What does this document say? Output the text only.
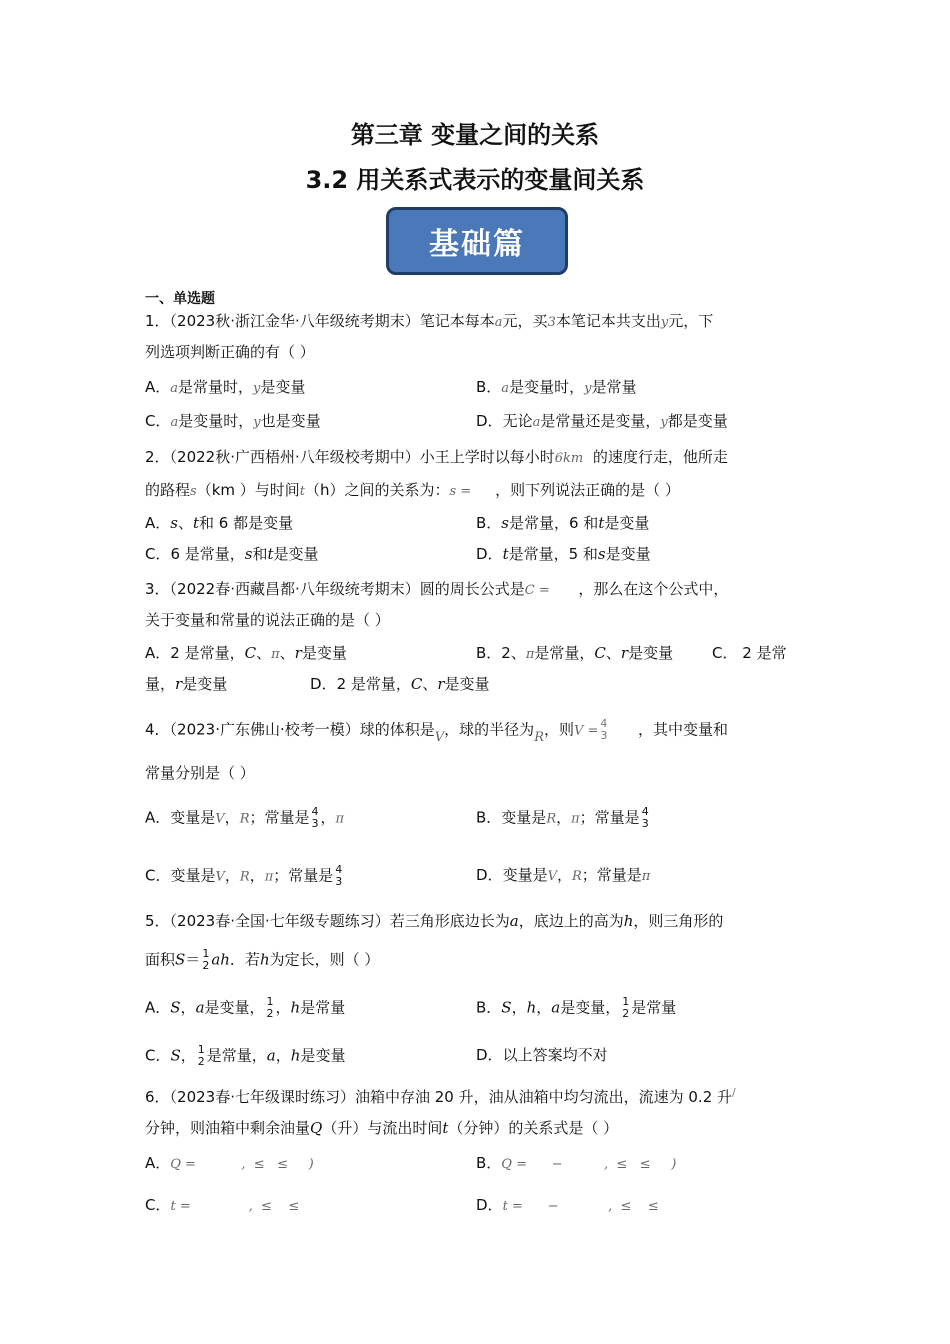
第三章 变量之间的关系
3.2 用关系式表示的变量间关系
基础篇
一、单选题
1．（2023秋·浙江金华·八年级统考期末）笔记本每本a元，买3本笔记本共支出y元，下
列选项判断正确的有（ ）
A．a是常量时，y是变量	B．a是变量时，y是常量
C．a是变量时，y也是变量	D．无论a是常量还是变量，y都是变量
2．（2022秋·广西梧州·八年级校考期中）小王上学时以每小时6km 的速度行走，他所走
的路程s（km ）与时间t（h）之间的关系为：s = ，则下列说法正确的是（ ）
A．s、t和 6 都是变量	B．s是常量，6 和t是变量
C．6 是常量，s和t是变量	D．t是常量，5 和s是变量
3．（2022春·西藏昌都·八年级统考期末）圆的周长公式是C = ，那么在这个公式中，
关于变量和常量的说法正确的是（ ）
A．2 是常量，C、π、r是变量	B．2、π是常量，C、r是变量	C． 2 是常
量，r是变量	D．2 是常量，C、r是变量
4．（2023·广东佛山·校考一模）球的体积是V，球的半径为R，则V = 4
3 ，其中变量和
常量分别是（ ）
A．变量是V，R；常量是 4
3 ，π	B．变量是R，π；常量是 4
3
C．变量是V，R，π；常量是 4
3	D．变量是V，R；常量是π
5．（2023春·全国·七年级专题练习）若三角形底边长为a，底边上的高为h，则三角形的
面积S＝ 1
2 ah．若h为定长，则（ ）
A．S，a是变量， 1
2 ，h是常量	B．S，h，a是变量， 1
2 是常量
C．S， 1
2 是常量，a，h是变量	D．以上答案均不对
6．（2023春·七年级课时练习）油箱中存油 20 升，油从油箱中均匀流出，流速为 0.2 升/
分钟，则油箱中剩余油量Q（升）与流出时间t（分钟）的关系式是（ ）
A．Q =           ,  ≤   ≤     )	B．Q =      −          ,  ≤   ≤     )
C．t =              ,  ≤    ≤	D．t =      −            ,  ≤    ≤
